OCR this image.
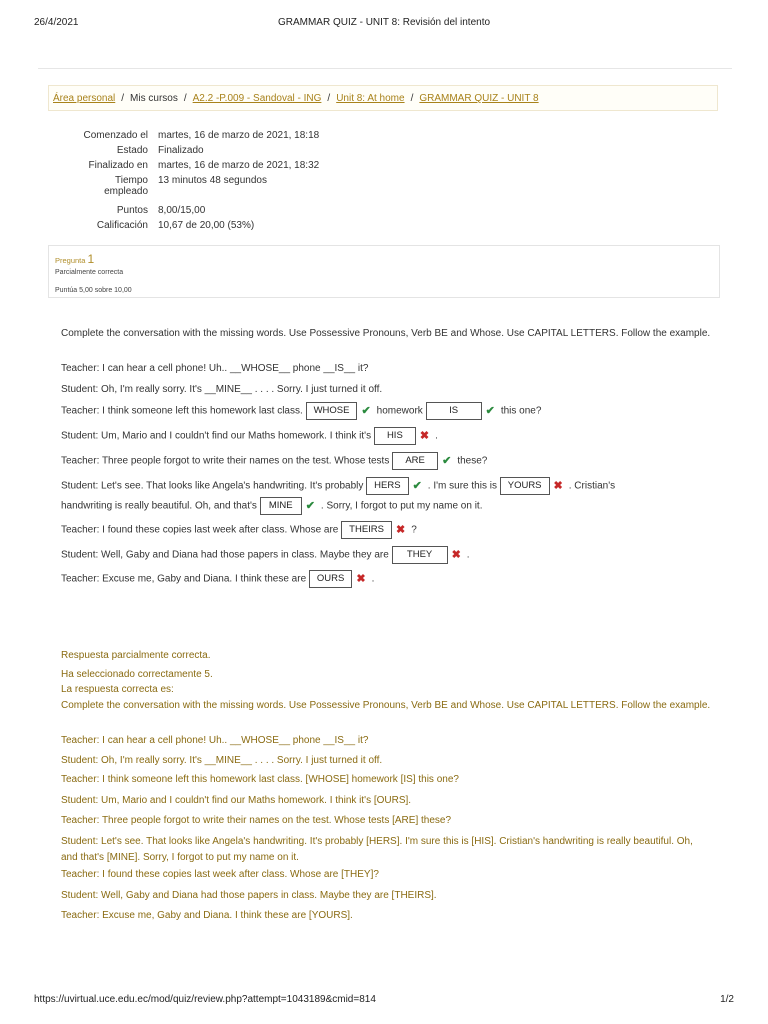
26/4/2021	GRAMMAR QUIZ - UNIT 8: Revisión del intento
Área personal / Mis cursos / A2.2 -P.009 - Sandoval - ING / Unit 8: At home / GRAMMAR QUIZ - UNIT 8
Comenzado el	martes, 16 de marzo de 2021, 18:18
Estado	Finalizado
Finalizado en	martes, 16 de marzo de 2021, 18:32
Tiempo
empleado	13 minutos 48 segundos
Puntos	8,00/15,00
Calificación	10,67 de 20,00 (53%)
Pregunta 1
Parcialmente correcta
Puntúa 5,00 sobre 10,00
Complete the conversation with the missing words. Use Possessive Pronouns, Verb BE and Whose. Use CAPITAL LETTERS. Follow the example.
Teacher: I can hear a cell phone! Uh.. __WHOSE__ phone __IS__ it?
Student: Oh, I'm really sorry. It's __MINE__ . . . . Sorry. I just turned it off.
Teacher: I think someone left this homework last class. WHOSE ✔ homework	IS	✔ this one?
Student: Um, Mario and I couldn't find our Maths homework. I think it's HIS ✖ .
Teacher: Three people forgot to write their names on the test. Whose tests ARE ✔ these?
Student: Let's see. That looks like Angela's handwriting. It's probably HERS ✔ . I'm sure this is YOURS ✖ . Cristian's
handwriting is really beautiful. Oh, and that's MINE ✔ . Sorry, I forgot to put my name on it.
Teacher: I found these copies last week after class. Whose are THEIRS ✖ ?
Student: Well, Gaby and Diana had those papers in class. Maybe they are THEY ✖ .
Teacher: Excuse me, Gaby and Diana. I think these are OURS ✖ .
Respuesta parcialmente correcta.
Ha seleccionado correctamente 5.
La respuesta correcta es:
Complete the conversation with the missing words. Use Possessive Pronouns, Verb BE and Whose. Use CAPITAL LETTERS. Follow the example.
Teacher: I can hear a cell phone! Uh.. __WHOSE__ phone __IS__ it?
Student: Oh, I'm really sorry. It's __MINE__ . . . . Sorry. I just turned it off.
Teacher: I think someone left this homework last class. [WHOSE] homework [IS] this one?
Student: Um, Mario and I couldn't find our Maths homework. I think it's [OURS].
Teacher: Three people forgot to write their names on the test. Whose tests [ARE] these?
Student: Let's see. That looks like Angela's handwriting. It's probably [HERS]. I'm sure this is [HIS]. Cristian's handwriting is really beautiful. Oh, and that's [MINE]. Sorry, I forgot to put my name on it.
Teacher: I found these copies last week after class. Whose are [THEY]?
Student: Well, Gaby and Diana had those papers in class. Maybe they are [THEIRS].
Teacher: Excuse me, Gaby and Diana. I think these are [YOURS].
https://uvirtual.uce.edu.ec/mod/quiz/review.php?attempt=1043189&cmid=814	1/2
